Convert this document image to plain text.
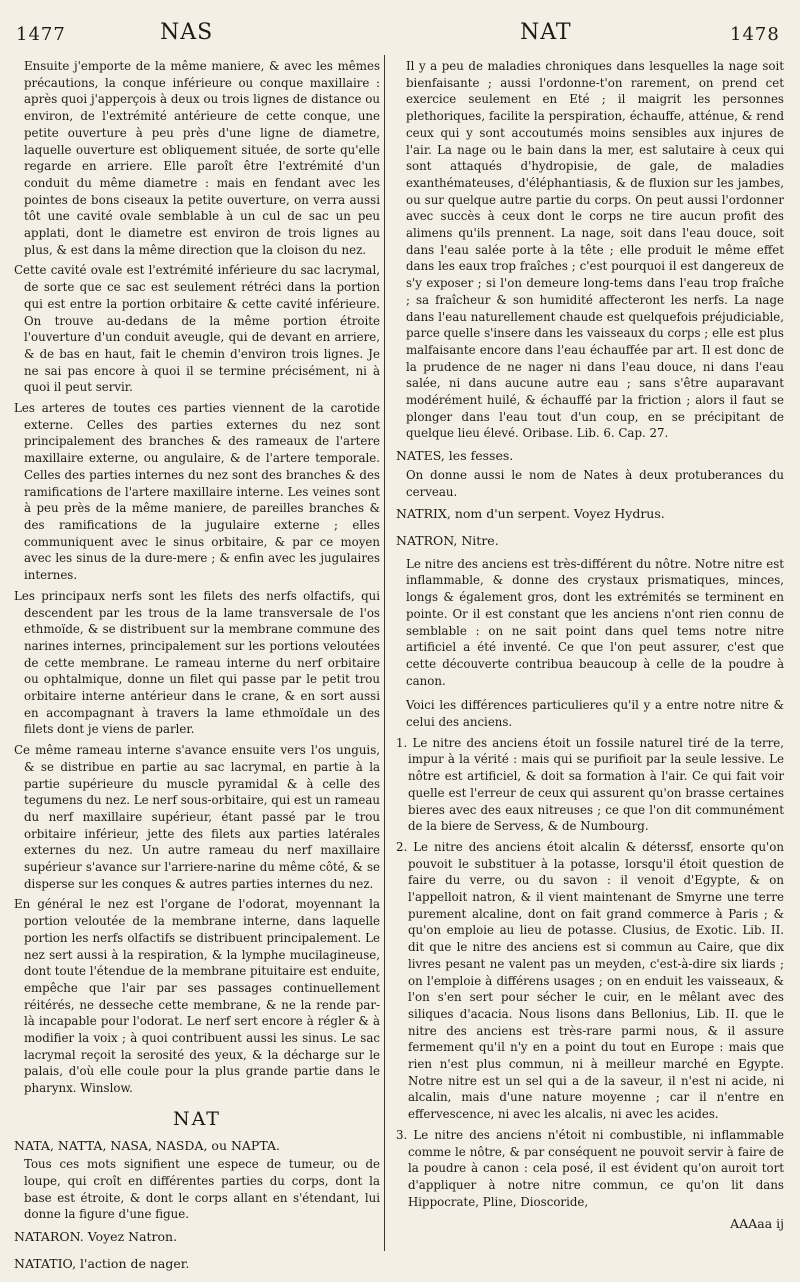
1477	NAS	NAT	1478

Ensuite j'emporte de la même maniere, & avec les mêmes précautions, la conque inférieure ou conque maxillaire : après quoi j'apperçois à deux ou trois lignes de distance ou environ, de l'extrémité antérieure de cette conque, une petite ouverture à peu près d'une ligne de diametre, laquelle ouverture est obliquement située, de sorte qu'elle regarde en arriere. Elle paroît être l'extrémité d'un conduit du même diametre : mais en fendant avec les pointes de bons ciseaux la petite ouverture, on verra aussi tôt une cavité ovale semblable à un cul de sac un peu applati, dont le diametre est environ de trois lignes au plus, & est dans la même direction que la cloison du nez.

Cette cavité ovale est l'extrémité inférieure du sac lacrymal, de sorte que ce sac est seulement rétréci dans la portion qui est entre la portion orbitaire & cette cavité inférieure. On trouve au-dedans de la même portion étroite l'ouverture d'un conduit aveugle, qui de devant en arriere, & de bas en haut, fait le chemin d'environ trois lignes. Je ne sai pas encore à quoi il se termine précisément, ni à quoi il peut servir.

Les arteres de toutes ces parties viennent de la carotide externe. Celles des parties externes du nez sont principalement des branches & des rameaux de l'artere maxillaire externe, ou angulaire, & de l'artere temporale. Celles des parties internes du nez sont des branches & des ramifications de l'artere maxillaire interne. Les veines sont à peu près de la même maniere, de pareilles branches & des ramifications de la jugulaire externe ; elles communiquent avec le sinus orbitaire, & par ce moyen avec les sinus de la dure-mere ; & enfin avec les jugulaires internes.

Les principaux nerfs sont les filets des nerfs olfactifs, qui descendent par les trous de la lame transversale de l'os ethmoïde, & se distribuent sur la membrane commune des narines internes, principalement sur les portions veloutées de cette membrane. Le rameau interne du nerf orbitaire ou ophtalmique, donne un filet qui passe par le petit trou orbitaire interne antérieur dans le crane, & en sort aussi en accompagnant à travers la lame ethmoïdale un des filets dont je viens de parler.

Ce même rameau interne s'avance ensuite vers l'os unguis, & se distribue en partie au sac lacrymal, en partie à la partie supérieure du muscle pyramidal & à celle des tegumens du nez. Le nerf sous-orbitaire, qui est un rameau du nerf maxillaire supérieur, étant passé par le trou orbitaire inférieur, jette des filets aux parties latérales externes du nez. Un autre rameau du nerf maxillaire supérieur s'avance sur l'arriere-narine du même côté, & se disperse sur les conques & autres parties internes du nez.

En général le nez est l'organe de l'odorat, moyennant la portion veloutée de la membrane interne, dans laquelle portion les nerfs olfactifs se distribuent principalement. Le nez sert aussi à la respiration, & la lymphe mucilagineuse, dont toute l'étendue de la membrane pituitaire est enduite, empêche que l'air par ses passages continuellement réitérés, ne desseche cette membrane, & ne la rende par-là incapable pour l'odorat. Le nerf sert encore à régler & à modifier la voix ; à quoi contribuent aussi les sinus. Le sac lacrymal reçoit la serosité des yeux, & la décharge sur le palais, d'où elle coule pour la plus grande partie dans le pharynx. Winslow.

NAT
NATA, NATTA, NASA, NASDA, ou NAPTA.

Tous ces mots signifient une espece de tumeur, ou de loupe, qui croît en différentes parties du corps, dont la base est étroite, & dont le corps allant en s'étendant, lui donne la figure d'une figue.

NATARON. Voyez Natron.
NATATIO, l'action de nager.

Il y a peu de maladies chroniques dans lesquelles la nage soit bienfaisante ; aussi l'ordonne-t'on rarement, on prend cet exercice seulement en Eté ; il maigrit les personnes plethoriques, facilite la perspiration, échauffe, atténue, & rend ceux qui y sont accoutumés moins sensibles aux injures de l'air. La nage ou le bain dans la mer, est salutaire à ceux qui sont attaqués d'hydropisie, de gale, de maladies exanthémateuses, d'éléphantiasis, & de fluxion sur les jambes, ou sur quelque autre partie du corps. On peut aussi l'ordonner avec succès à ceux dont le corps ne tire aucun profit des alimens qu'ils prennent. La nage, soit dans l'eau douce, soit dans l'eau salée porte à la tête ; elle produit le même effet dans les eaux trop fraîches ; c'est pourquoi il est dangereux de s'y exposer ; si l'on demeure long-tems dans l'eau trop fraîche ; sa fraîcheur & son humidité affecteront les nerfs. La nage dans l'eau naturellement chaude est quelquefois préjudiciable, parce quelle s'insere dans les vaisseaux du corps ; elle est plus malfaisante encore dans l'eau échauffée par art. Il est donc de la prudence de ne nager ni dans l'eau douce, ni dans l'eau salée, ni dans aucune autre eau ; sans s'être auparavant modérément huilé, & échauffé par la friction ; alors il faut se plonger dans l'eau tout d'un coup, en se précipitant de quelque lieu élevé. Oribase. Lib. 6. Cap. 27.

NATES, les fesses.

On donne aussi le nom de Nates à deux protuberances du cerveau.

NATRIX, nom d'un serpent. Voyez Hydrus.
NATRON, Nitre.

Le nitre des anciens est très-différent du nôtre. Notre nitre est inflammable, & donne des crystaux prismatiques, minces, longs & également gros, dont les extrémités se terminent en pointe. Or il est constant que les anciens n'ont rien connu de semblable : on ne sait point dans quel tems notre nitre artificiel a été inventé. Ce que l'on peut assurer, c'est que cette découverte contribua beaucoup à celle de la poudre à canon.

Voici les différences particulieres qu'il y a entre notre nitre & celui des anciens.

1. Le nitre des anciens étoit un fossile naturel tiré de la terre, impur à la vérité : mais qui se purifioit par la seule lessive. Le nôtre est artificiel, & doit sa formation à l'air. Ce qui fait voir quelle est l'erreur de ceux qui assurent qu'on brasse certaines bieres avec des eaux nitreuses ; ce que l'on dit communément de la biere de Servess, & de Numbourg.

2. Le nitre des anciens étoit alcalin & déterssf, ensorte qu'on pouvoit le substituer à la potasse, lorsqu'il étoit question de faire du verre, ou du savon : il venoit d'Egypte, & on l'appelloit natron, & il vient maintenant de Smyrne une terre purement alcaline, dont on fait grand commerce à Paris ; & qu'on emploie au lieu de potasse. Clusius, de Exotic. Lib. II. dit que le nitre des anciens est si commun au Caire, que dix livres pesant ne valent pas un meyden, c'est-à-dire six liards ; on l'emploie à différens usages ; on en enduit les vaisseaux, & l'on s'en sert pour sécher le cuir, en le mêlant avec des siliques d'acacia. Nous lisons dans Bellonius, Lib. II. que le nitre des anciens est très-rare parmi nous, & il assure fermement qu'il n'y en a point du tout en Europe : mais que rien n'est plus commun, ni à meilleur marché en Egypte. Notre nitre est un sel qui a de la saveur, il n'est ni acide, ni alcalin, mais d'une nature moyenne ; car il n'entre en effervescence, ni avec les alcalis, ni avec les acides.

3. Le nitre des anciens n'étoit ni combustible, ni inflammable comme le nôtre, & par conséquent ne pouvoit servir à faire de la poudre à canon : cela posé, il est évident qu'on auroit tort d'appliquer à notre nitre commun, ce qu'on lit dans Hippocrate, Pline, Dioscoride,

AAAaa ij
